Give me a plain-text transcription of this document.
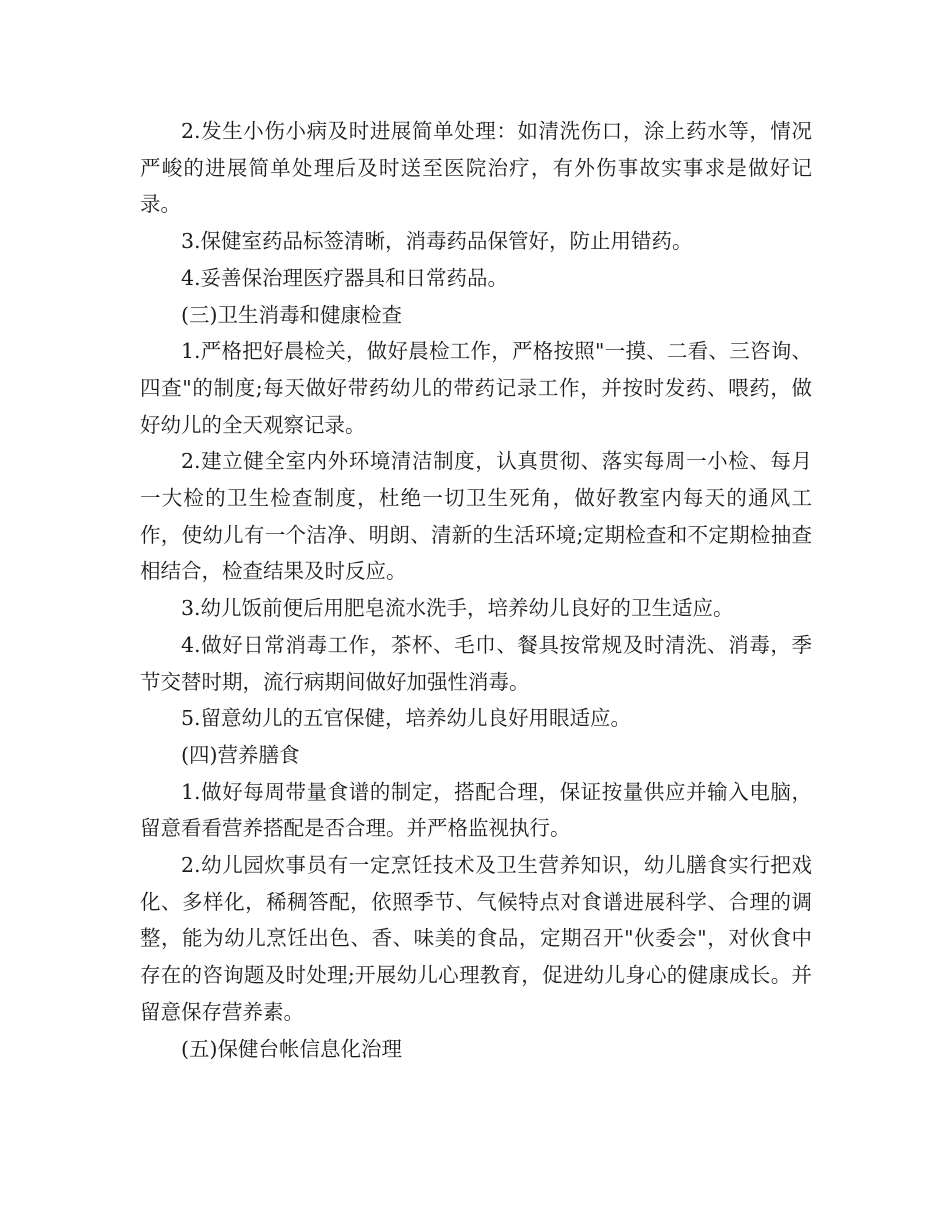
2.发生小伤小病及时进展简单处理：如清洗伤口，涂上药水等，情况严峻的进展简单处理后及时送至医院治疗，有外伤事故实事求是做好记录。

3.保健室药品标签清晰，消毒药品保管好，防止用错药。

4.妥善保治理医疗器具和日常药品。

(三)卫生消毒和健康检查

1.严格把好晨检关，做好晨检工作，严格按照"一摸、二看、三咨询、四查"的制度;每天做好带药幼儿的带药记录工作，并按时发药、喂药，做好幼儿的全天观察记录。

2.建立健全室内外环境清洁制度，认真贯彻、落实每周一小检、每月一大检的卫生检查制度，杜绝一切卫生死角，做好教室内每天的通风工作，使幼儿有一个洁净、明朗、清新的生活环境;定期检查和不定期检抽查相结合，检查结果及时反应。

3.幼儿饭前便后用肥皂流水洗手，培养幼儿良好的卫生适应。

4.做好日常消毒工作，茶杯、毛巾、餐具按常规及时清洗、消毒，季节交替时期，流行病期间做好加强性消毒。

5.留意幼儿的五官保健，培养幼儿良好用眼适应。

(四)营养膳食

1.做好每周带量食谱的制定，搭配合理，保证按量供应并输入电脑，留意看看营养搭配是否合理。并严格监视执行。

2.幼儿园炊事员有一定烹饪技术及卫生营养知识，幼儿膳食实行把戏化、多样化，稀稠答配，依照季节、气候特点对食谱进展科学、合理的调整，能为幼儿烹饪出色、香、味美的食品，定期召开"伙委会"，对伙食中存在的咨询题及时处理;开展幼儿心理教育，促进幼儿身心的健康成长。并留意保存营养素。

(五)保健台帐信息化治理
